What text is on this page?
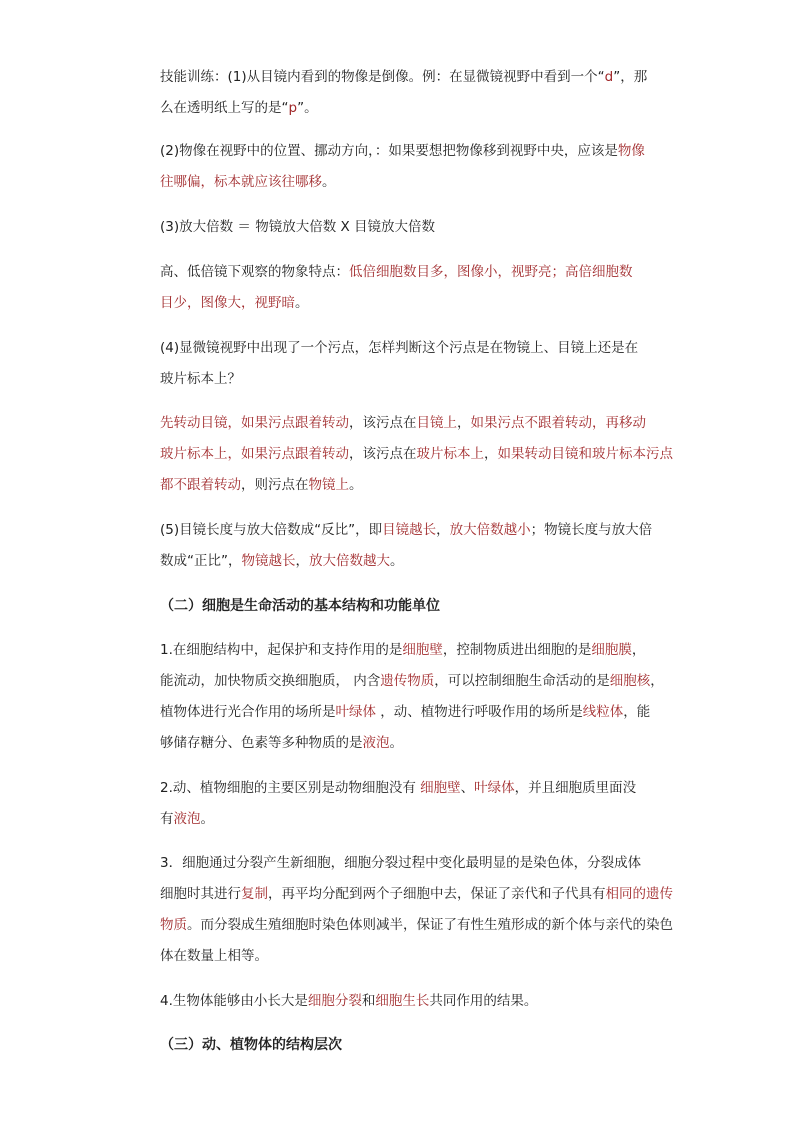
技能训练：(1)从目镜内看到的物像是倒像。例：在显微镜视野中看到一个“d”，那
么在透明纸上写的是“p”。
(2)物像在视野中的位置、挪动方向，：如果要想把物像移到视野中央，应该是物像
往哪偏，标本就应该往哪移。
(3)放大倍数 ＝ 物镜放大倍数 X 目镜放大倍数
高、低倍镜下观察的物象特点：低倍细胞数目多，图像小，视野亮；高倍细胞数
目少，图像大，视野暗。
(4)显微镜视野中出现了一个污点，怎样判断这个污点是在物镜上、目镜上还是在
玻片标本上？
先转动目镜，如果污点跟着转动，该污点在目镜上，如果污点不跟着转动，再移动
玻片标本上，如果污点跟着转动，该污点在玻片标本上，如果转动目镜和玻片标本污点
都不跟着转动，则污点在物镜上。
(5)目镜长度与放大倍数成“反比”，即目镜越长，放大倍数越小；物镜长度与放大倍
数成“正比”，物镜越长，放大倍数越大。
（二）细胞是生命活动的基本结构和功能单位
1.在细胞结构中，起保护和支持作用的是细胞壁，控制物质进出细胞的是细胞膜，
能流动，加快物质交换细胞质， 内含遗传物质，可以控制细胞生命活动的是细胞核，
植物体进行光合作用的场所是叶绿体 ，动、植物进行呼吸作用的场所是线粒体，能
够储存糖分、色素等多种物质的是液泡。
2.动、植物细胞的主要区别是动物细胞没有 细胞壁、叶绿体，并且细胞质里面没
有液泡。
3．细胞通过分裂产生新细胞，细胞分裂过程中变化最明显的是染色体，分裂成体
细胞时其进行复制，再平均分配到两个子细胞中去，保证了亲代和子代具有相同的遗传
物质。而分裂成生殖细胞时染色体则减半，保证了有性生殖形成的新个体与亲代的染色
体在数量上相等。
4.生物体能够由小长大是细胞分裂和细胞生长共同作用的结果。
（三）动、植物体的结构层次
